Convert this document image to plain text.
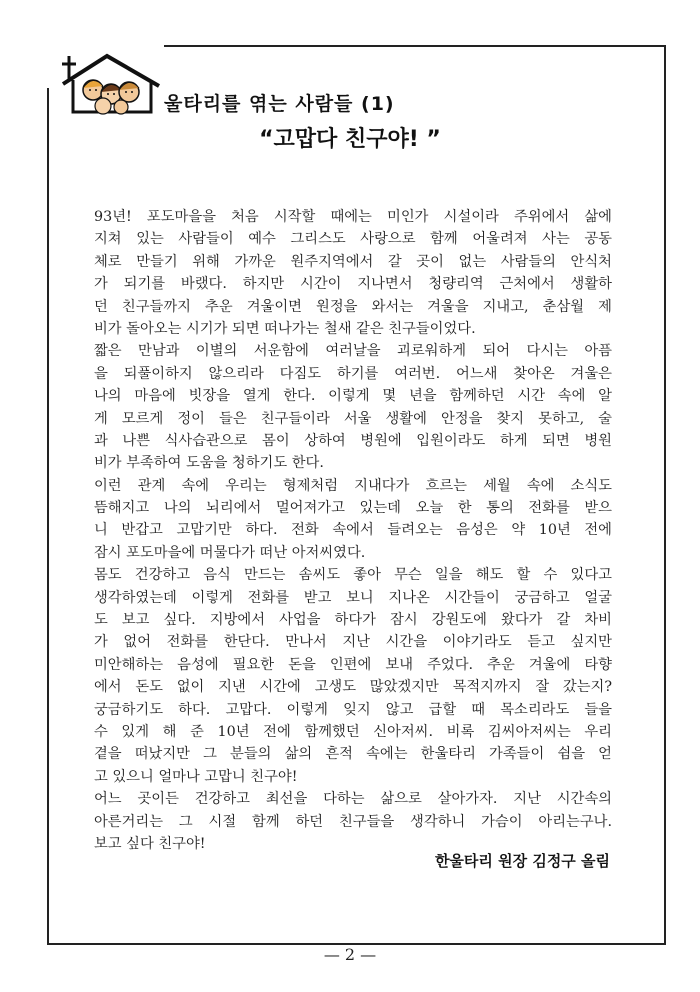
울타리를 엮는 사람들 (1)
“고맙다 친구야! ”
93년! 포도마을을 처음 시작할 때에는 미인가 시설이라 주위에서 삶에
지쳐 있는 사람들이 예수 그리스도 사랑으로 함께 어울려져 사는 공동
체로 만들기 위해 가까운 원주지역에서 갈 곳이 없는 사람들의 안식처
가 되기를 바랬다. 하지만 시간이 지나면서 청량리역 근처에서 생활하
던 친구들까지 추운 겨울이면 원정을 와서는 겨울을 지내고, 춘삼월 제
비가 돌아오는 시기가 되면 떠나가는 철새 같은 친구들이었다.
짧은 만남과 이별의 서운함에 여러날을 괴로워하게 되어 다시는 아픔
을 되풀이하지 않으리라 다짐도 하기를 여러번. 어느새 찾아온 겨울은
나의 마음에 빗장을 열게 한다. 이렇게 몇 년을 함께하던 시간 속에 알
게 모르게 정이 들은 친구들이라 서울 생활에 안정을 찾지 못하고, 술
과 나쁜 식사습관으로 몸이 상하여 병원에 입원이라도 하게 되면 병원
비가 부족하여 도움을 청하기도 한다.
이런 관계 속에 우리는 형제처럼 지내다가 흐르는 세월 속에 소식도
뜸해지고 나의 뇌리에서 멀어져가고 있는데 오늘 한 통의 전화를 받으
니 반갑고 고맙기만 하다. 전화 속에서 들려오는 음성은 약 10년 전에
잠시 포도마을에 머물다가 떠난 아저씨였다.
몸도 건강하고 음식 만드는 솜씨도 좋아 무슨 일을 해도 할 수 있다고
생각하였는데 이렇게 전화를 받고 보니 지나온 시간들이 궁금하고 얼굴
도 보고 싶다. 지방에서 사업을 하다가 잠시 강원도에 왔다가 갈 차비
가 없어 전화를 한단다. 만나서 지난 시간을 이야기라도 듣고 싶지만
미안해하는 음성에 필요한 돈을 인편에 보내 주었다. 추운 겨울에 타향
에서 돈도 없이 지낸 시간에 고생도 많았겠지만 목적지까지 잘 갔는지?
궁금하기도 하다. 고맙다. 이렇게 잊지 않고 급할 때 목소리라도 들을
수 있게 해 준 10년 전에 함께했던 신아저씨. 비록 김씨아저씨는 우리
곁을 떠났지만 그 분들의 삶의 흔적 속에는 한울타리 가족들이 쉼을 얻
고 있으니 얼마나 고맙니 친구야!
어느 곳이든 건강하고 최선을 다하는 삶으로 살아가자. 지난 시간속의
아른거리는 그 시절 함께 하던 친구들을 생각하니 가슴이 아리는구나.
보고 싶다 친구야!
한울타리 원장 김정구 올림
— 2 —
